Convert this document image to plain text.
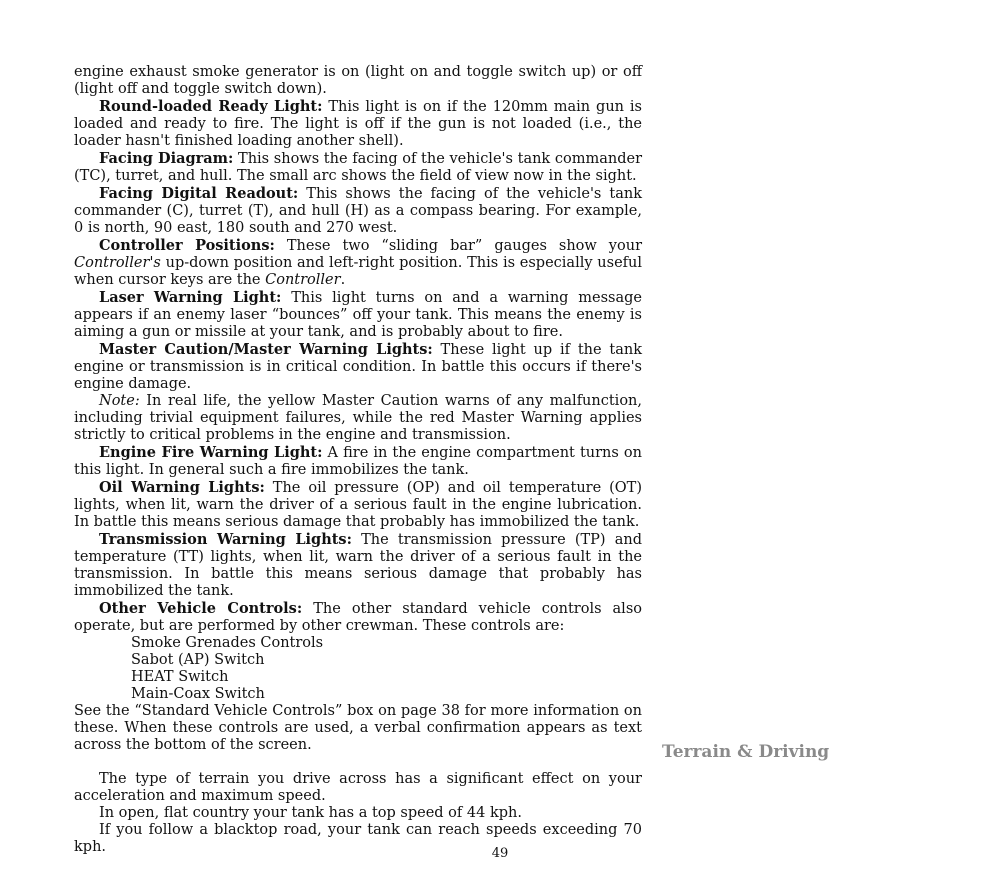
engine exhaust smoke generator is on (light on and toggle switch up) or off (light off and toggle switch down).

Round-loaded Ready Light: This light is on if the 120mm main gun is loaded and ready to fire. The light is off if the gun is not loaded (i.e., the loader hasn't finished loading another shell).

Facing Diagram: This shows the facing of the vehicle's tank commander (TC), turret, and hull. The small arc shows the field of view now in the sight.

Facing Digital Readout: This shows the facing of the vehicle's tank commander (C), turret (T), and hull (H) as a compass bearing. For example, 0 is north, 90 east, 180 south and 270 west.

Controller Positions: These two “sliding bar” gauges show your Controller's up-down position and left-right position. This is especially useful when cursor keys are the Controller.

Laser Warning Light: This light turns on and a warning message appears if an enemy laser “bounces” off your tank. This means the enemy is aiming a gun or missile at your tank, and is probably about to fire.

Master Caution/Master Warning Lights: These light up if the tank engine or transmission is in critical condition. In battle this occurs if there's engine damage.

Note: In real life, the yellow Master Caution warns of any malfunction, including trivial equipment failures, while the red Master Warning applies strictly to critical problems in the engine and transmission.

Engine Fire Warning Light: A fire in the engine compartment turns on this light. In general such a fire immobilizes the tank.

Oil Warning Lights: The oil pressure (OP) and oil temperature (OT) lights, when lit, warn the driver of a serious fault in the engine lubrication. In battle this means serious damage that probably has immobilized the tank.

Transmission Warning Lights: The transmission pressure (TP) and temperature (TT) lights, when lit, warn the driver of a serious fault in the transmission. In battle this means serious damage that probably has immobilized the tank.

Other Vehicle Controls: The other standard vehicle controls also operate, but are performed by other crewman. These controls are:

Smoke Grenades Controls
Sabot (AP) Switch
HEAT Switch
Main-Coax Switch

See the “Standard Vehicle Controls” box on page 38 for more information on these. When these controls are used, a verbal confirmation appears as text across the bottom of the screen.

The type of terrain you drive across has a significant effect on your acceleration and maximum speed.

In open, flat country your tank has a top speed of 44 kph.

If you follow a blacktop road, your tank can reach speeds exceeding 70 kph.

Terrain & Driving
49
